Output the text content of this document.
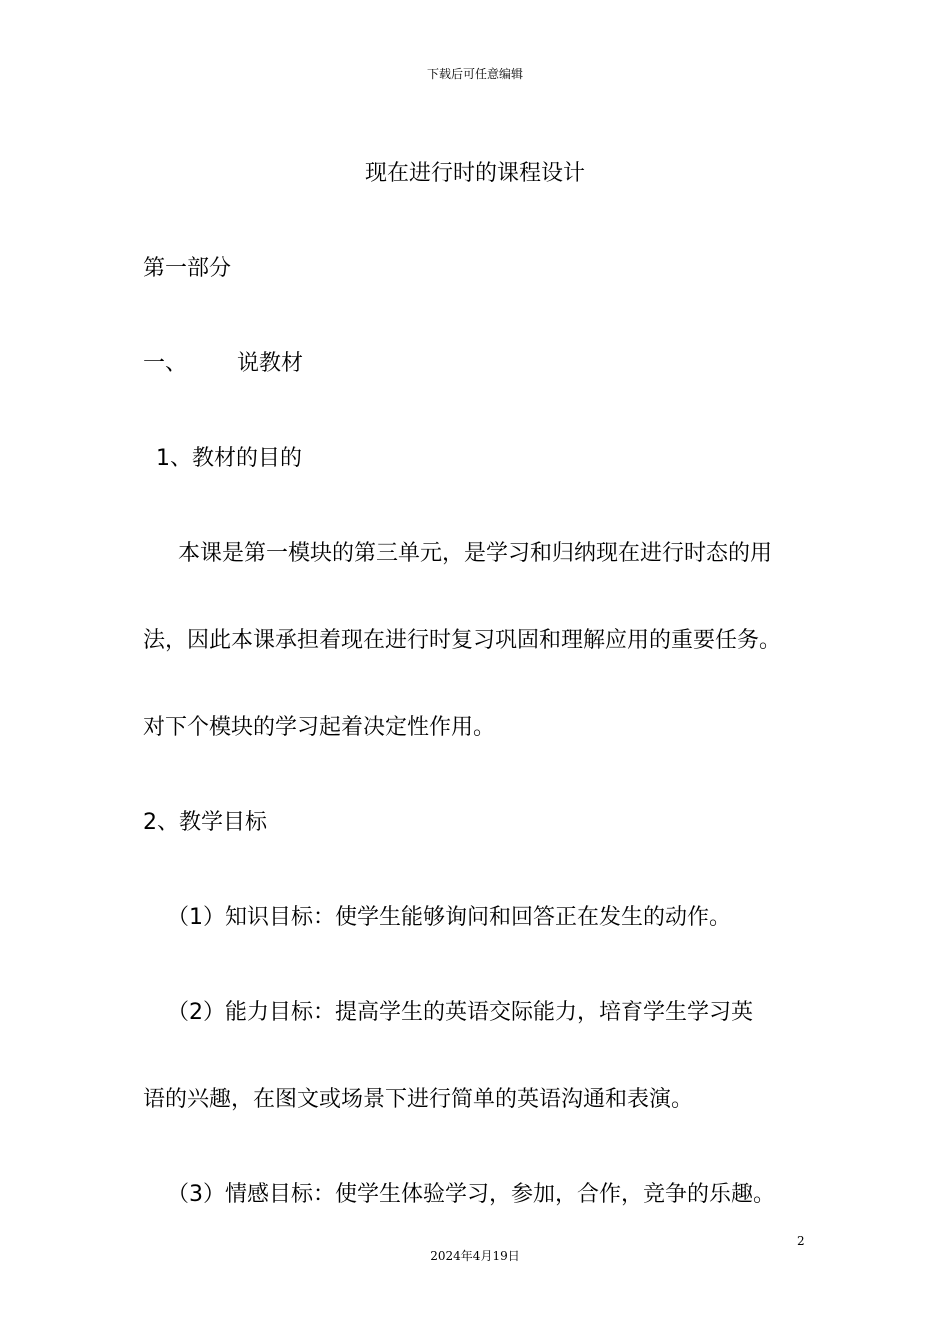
下载后可任意编辑
现在进行时的课程设计
第一部分
一、 说教材
1、教材的目的
本课是第一模块的第三单元，是学习和归纳现在进行时态的用
法，因此本课承担着现在进行时复习巩固和理解应用的重要任务。
对下个模块的学习起着决定性作用。
2、教学目标
（1）知识目标：使学生能够询问和回答正在发生的动作。
（2）能力目标：提高学生的英语交际能力，培育学生学习英
语的兴趣，在图文或场景下进行简单的英语沟通和表演。
（3）情感目标：使学生体验学习，参加，合作，竞争的乐趣。
2
2024年4月19日
